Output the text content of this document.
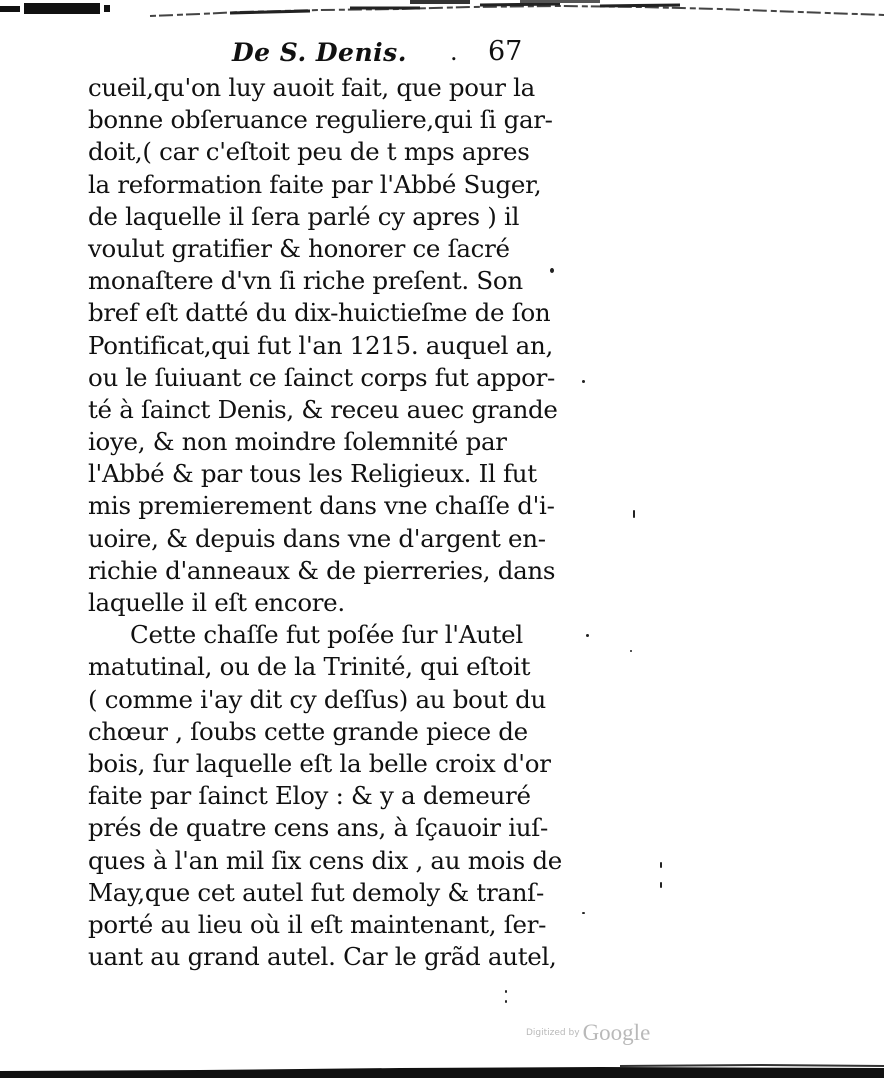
De S. Denis. . 67
cueil,qu'on luy auoit fait, que pour la
bonne obſeruance reguliere,qui ſi gar-
doit,( car c'eſtoit peu de t mps apres
la reformation faite par l'Abbé Suger,
de laquelle il ſera parlé cy apres ) il
voulut gratifier & honorer ce ſacré
monaſtere d'vn ſi riche preſent. Son
bref eſt datté du dix-huictieſme de ſon
Pontificat,qui fut l'an 1215. auquel an,
ou le ſuiuant ce ſainct corps fut appor-
té à ſainct Denis, & receu auec grande
ioye, & non moindre ſolemnité par
l'Abbé & par tous les Religieux. Il fut
mis premierement dans vne chaſſe d'i-
uoire, & depuis dans vne d'argent en-
richie d'anneaux & de pierreries, dans
laquelle il eſt encore.
Cette chaſſe fut poſée ſur l'Autel
matutinal, ou de la Trinité, qui eſtoit
( comme i'ay dit cy deſſus) au bout du
chœur , ſoubs cette grande piece de
bois, ſur laquelle eſt la belle croix d'or
faite par ſainct Eloy : & y a demeuré
prés de quatre cens ans, à ſçauoir iuſ-
ques à l'an mil ſix cens dix , au mois de
May,que cet autel fut demoly & tranſ-
porté au lieu où il eſt maintenant, ſer-
uant au grand autel. Car le grãd autel,
Digitized by Google
